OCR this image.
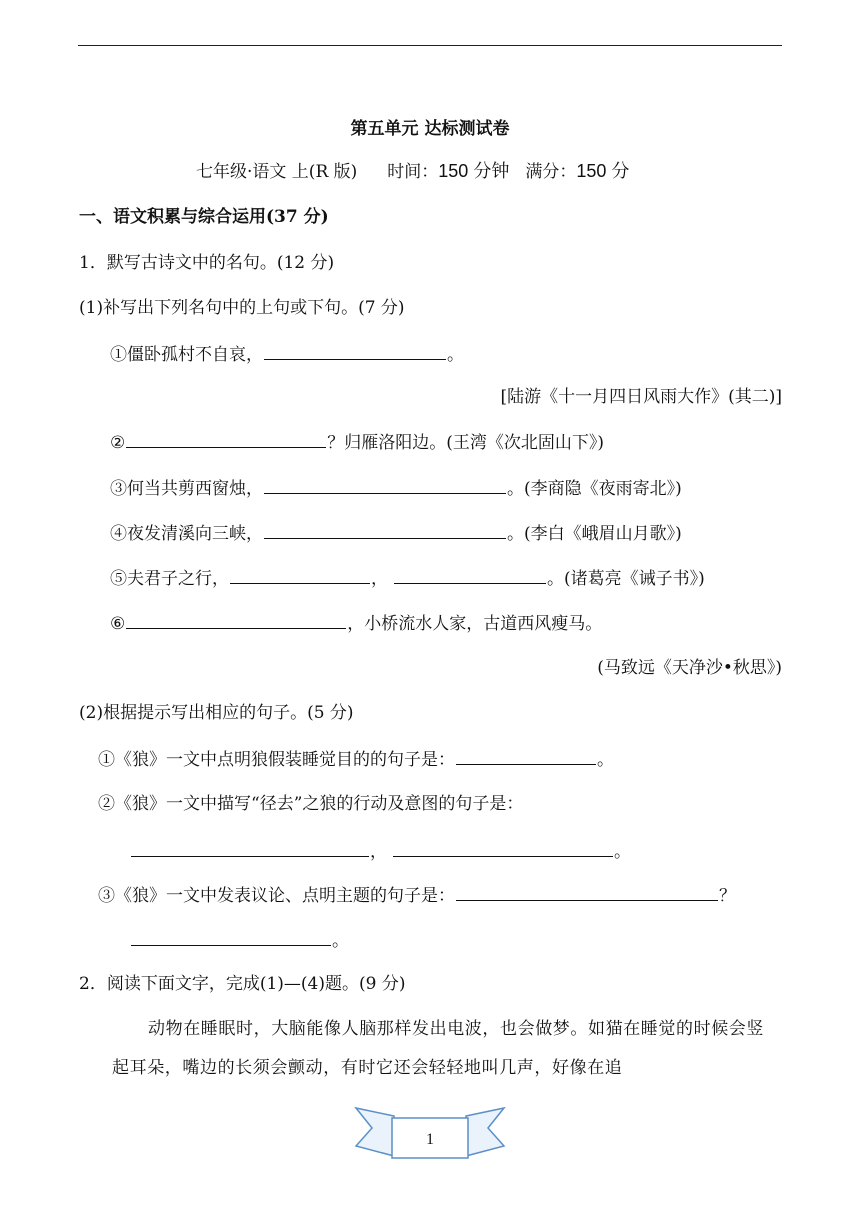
第五单元 达标测试卷
七年级·语文 上(R 版) 时间：150 分钟 满分：150 分
一、语文积累与综合运用(37 分)
1．默写古诗文中的名句。(12 分)
(1)补写出下列名句中的上句或下句。(7 分)
①僵卧孤村不自哀，	。
[陆游《十一月四日风雨大作》(其二)]
②	？归雁洛阳边。(王湾《次北固山下》)
③何当共剪西窗烛，	。(李商隐《夜雨寄北》)
④夜发清溪向三峡，	。(李白《峨眉山月歌》)
⑤夫君子之行，	，	。(诸葛亮《诫子书》)
⑥	，小桥流水人家，古道西风瘦马。
(马致远《天净沙•秋思》)
(2)根据提示写出相应的句子。(5 分)
①《狼》一文中点明狼假装睡觉目的的句子是：	。
②《狼》一文中描写“径去”之狼的行动及意图的句子是：
，	。
③《狼》一文中发表议论、点明主题的句子是：	？
。
2．阅读下面文字，完成(1)—(4)题。(9 分)
动物在睡眠时，大脑能像人脑那样发出电波，也会做梦。如猫在睡觉的时候会竖起耳朵，嘴边的长须会颤动，有时它还会轻轻地叫几声，好像在追
1
